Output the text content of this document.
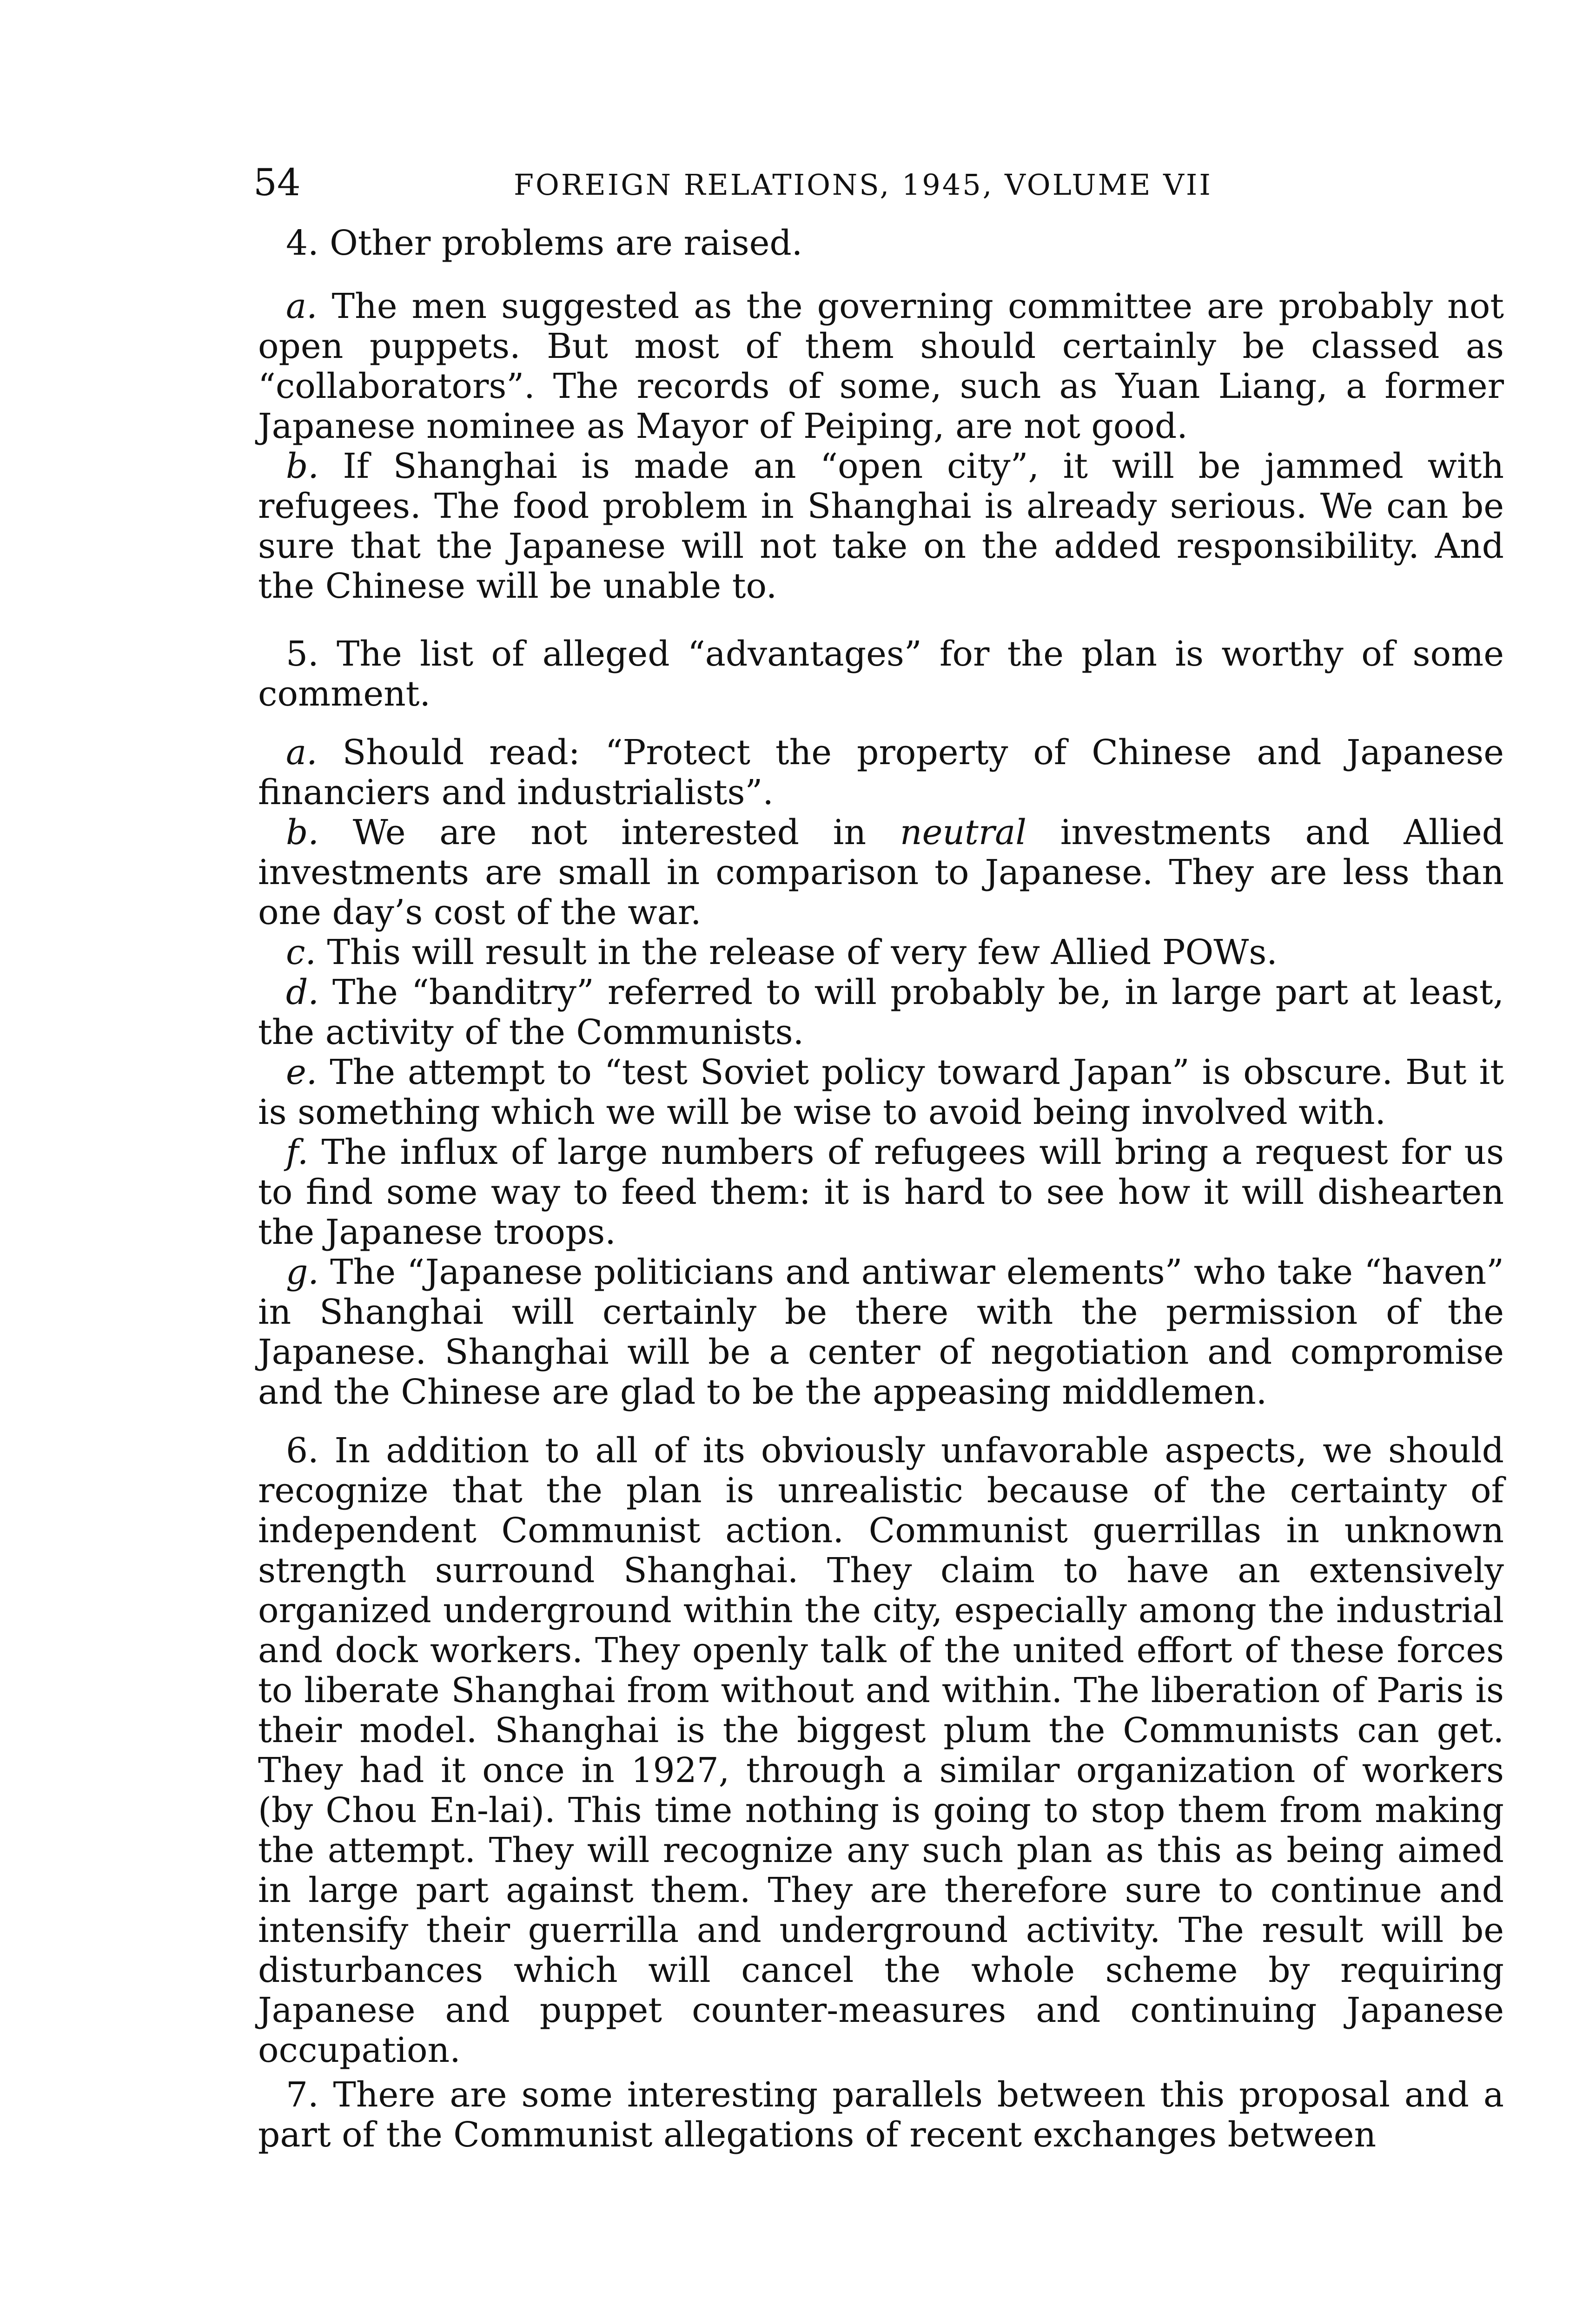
54	FOREIGN RELATIONS, 1945, VOLUME VII

4. Other problems are raised.

a. The men suggested as the governing committee are probably not open puppets. But most of them should certainly be classed as “collaborators”. The records of some, such as Yuan Liang, a former Japanese nominee as Mayor of Peiping, are not good.

b. If Shanghai is made an “open city”, it will be jammed with refugees. The food problem in Shanghai is already serious. We can be sure that the Japanese will not take on the added responsibility. And the Chinese will be unable to.

5. The list of alleged “advantages” for the plan is worthy of some comment.

a. Should read: “Protect the property of Chinese and Japanese financiers and industrialists”.

b. We are not interested in neutral investments and Allied investments are small in comparison to Japanese. They are less than one day’s cost of the war.

c. This will result in the release of very few Allied POWs.

d. The “banditry” referred to will probably be, in large part at least, the activity of the Communists.

e. The attempt to “test Soviet policy toward Japan” is obscure. But it is something which we will be wise to avoid being involved with.

f. The influx of large numbers of refugees will bring a request for us to find some way to feed them: it is hard to see how it will dishearten the Japanese troops.

g. The “Japanese politicians and antiwar elements” who take “haven” in Shanghai will certainly be there with the permission of the Japanese. Shanghai will be a center of negotiation and compromise and the Chinese are glad to be the appeasing middlemen.

6. In addition to all of its obviously unfavorable aspects, we should recognize that the plan is unrealistic because of the certainty of independent Communist action. Communist guerrillas in unknown strength surround Shanghai. They claim to have an extensively organized underground within the city, especially among the industrial and dock workers. They openly talk of the united effort of these forces to liberate Shanghai from without and within. The liberation of Paris is their model. Shanghai is the biggest plum the Communists can get. They had it once in 1927, through a similar organization of workers (by Chou En-lai). This time nothing is going to stop them from making the attempt. They will recognize any such plan as this as being aimed in large part against them. They are therefore sure to continue and intensify their guerrilla and underground activity. The result will be disturbances which will cancel the whole scheme by requiring Japanese and puppet counter-measures and continuing Japanese occupation.

7. There are some interesting parallels between this proposal and a part of the Communist allegations of recent exchanges between
